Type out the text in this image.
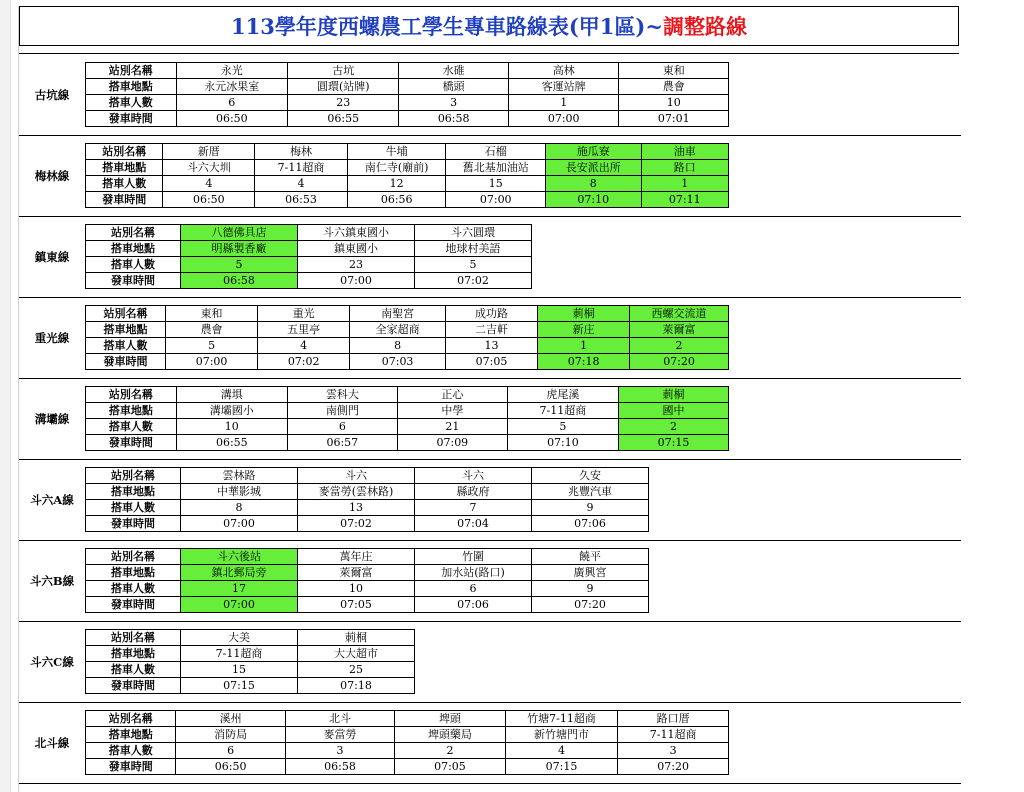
113學年度西螺農工學生專車路線表(甲1區)~ 調整路線
古坑線
站別名稱	永光	古坑	水碓	高林	東和
搭車地點	永元冰果室	圓環(站牌)	橋頭	客運站牌	農會
搭車人數	6	23	3	1	10
發車時間	06:50	06:55	06:58	07:00	07:01
梅林線
站別名稱	新厝	梅林	牛埔	石榴	施瓜寮	油車
搭車地點	斗六大圳	7-11超商	南仁寺(廟前)	舊北基加油站	長安派出所	路口
搭車人數	4	4	12	15	8	1
發車時間	06:50	06:53	06:56	07:00	07:10	07:11
鎮東線
站別名稱	八德佛具店	斗六鎮東國小	斗六圓環
搭車地點	明縣製香廠	鎮東國小	地球村美語
搭車人數	5	23	5
發車時間	06:58	07:00	07:02
重光線
站別名稱	東和	重光	南聖宮	成功路	莿桐	西螺交流道
搭車地點	農會	五里亭	全家超商	二吉軒	新庄	萊爾富
搭車人數	5	4	8	13	1	2
發車時間	07:00	07:02	07:03	07:05	07:18	07:20
溝壩線
站別名稱	溝埧	雲科大	正心	虎尾溪	莿桐
搭車地點	溝壩國小	南側門	中學	7-11超商	國中
搭車人數	10	6	21	5	2
發車時間	06:55	06:57	07:09	07:10	07:15
斗六A線
站別名稱	雲林路	斗六	斗六	久安
搭車地點	中華影城	麥當勞(雲林路)	縣政府	兆豐汽車
搭車人數	8	13	7	9
發車時間	07:00	07:02	07:04	07:06
斗六B線
站別名稱	斗六後站	萬年庄	竹圍	饒平
搭車地點	鎮北郵局旁	萊爾富	加水站(路口)	廣興宮
搭車人數	17	10	6	9
發車時間	07:00	07:05	07:06	07:20
斗六C線
站別名稱	大美	莿桐
搭車地點	7-11超商	大大超市
搭車人數	15	25
發車時間	07:15	07:18
北斗線
站別名稱	溪州	北斗	埤頭	竹塘7-11超商	路口厝
搭車地點	消防局	麥當勞	埤頭藥局	新竹塘門市	7-11超商
搭車人數	6	3	2	4	3
發車時間	06:50	06:58	07:05	07:15	07:20
